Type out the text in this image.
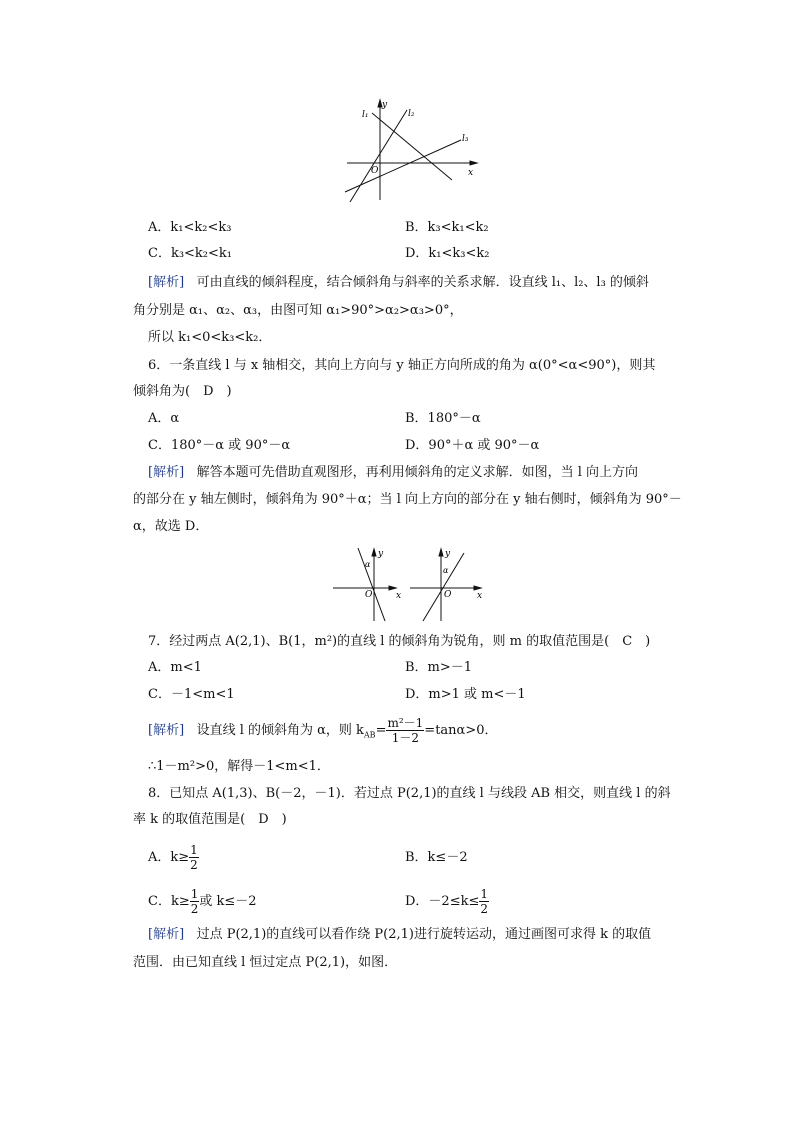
y
x
O
l₁	l₂
l₃
A．k₁<k₂<k₃	B．k₃<k₁<k₂
C．k₃<k₂<k₁	D．k₁<k₃<k₂
[解析] 可由直线的倾斜程度，结合倾斜角与斜率的关系求解．设直线 l₁、l₂、l₃ 的倾斜
角分别是 α₁、α₂、α₃，由图可知 α₁>90°>α₂>α₃>0°，
所以 k₁<0<k₃<k₂．
6．一条直线 l 与 x 轴相交，其向上方向与 y 轴正方向所成的角为 α(0°<α<90°)，则其
倾斜角为(　D　)
A．α	B．180°－α
C．180°－α 或 90°－α	D．90°＋α 或 90°－α
[解析] 解答本题可先借助直观图形，再利用倾斜角的定义求解．如图，当 l 向上方向
的部分在 y 轴左侧时，倾斜角为 90°＋α；当 l 向上方向的部分在 y 轴右侧时，倾斜角为 90°－
α，故选 D．
y
α
O	x
y
α
O	x
7．经过两点 A(2,1)、B(1，m²)的直线 l 的倾斜角为锐角，则 m 的取值范围是(　C　)
A．m<1	B．m>－1
C．－1<m<1	D．m>1 或 m<－1
[解析] 设直线 l 的倾斜角为 α，则 $k_{AB}= \frac{\text{m²－1}}{1-2} =\tan\alpha>0$．
∴1－m²>0，解得－1<m<1．
8．已知点 A(1,3)、B(－2，－1)．若过点 P(2,1)的直线 l 与线段 AB 相交，则直线 l 的斜
率 k 的取值范围是(　D　)
A．$k\ge \frac{1}{2}$	B．k≤－2
C．$k\ge \frac{1}{2}$ 或 k≤－2	D．$-2\le k\le \frac{1}{2}$
[解析] 过点 P(2,1)的直线可以看作绕 P(2,1)进行旋转运动，通过画图可求得 k 的取值
范围．由已知直线 l 恒过定点 P(2,1)，如图．
